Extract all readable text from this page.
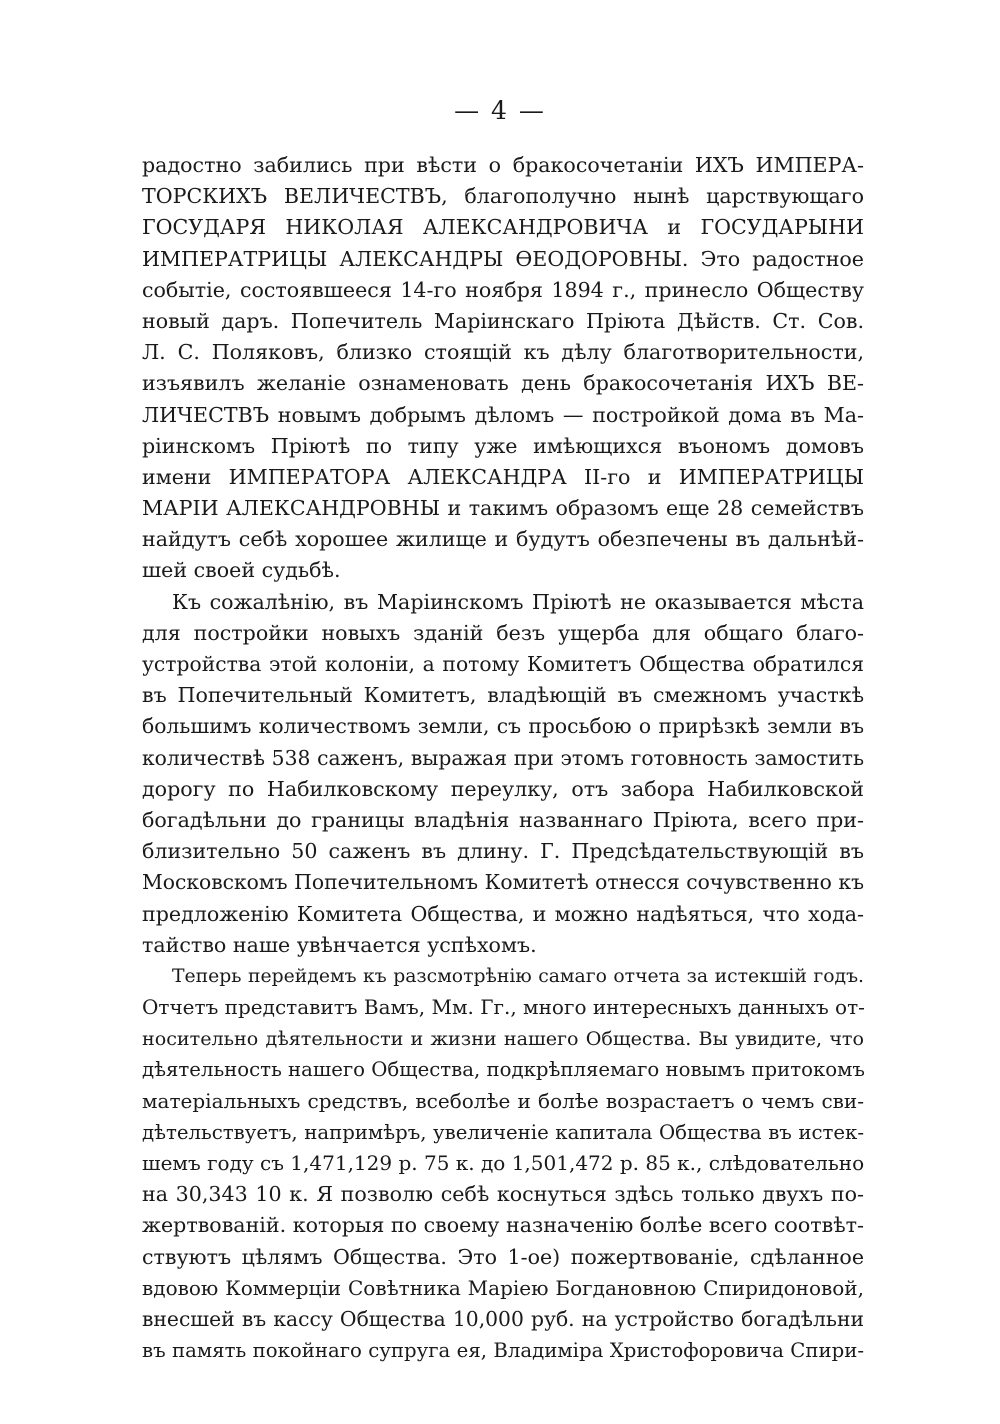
— 4 —
радостно забились при вѣсти о бракосочетаніи ИХЪ ИМПЕРА-
ТОРСКИХЪ ВЕЛИЧЕСТВЪ, благополучно нынѣ царствующаго
ГОСУДАРЯ НИКОЛАЯ АЛЕКСАНДРОВИЧА и ГОСУДАРЫНИ
ИМПЕРАТРИЦЫ АЛЕКСАНДРЫ ѲЕОДОРОВНЫ. Это радостное
событіе, состоявшееся 14-го ноября 1894 г., принесло Обществу
новый даръ. Попечитель Маріинскаго Пріюта Дѣйств. Ст. Сов.
Л. С. Поляковъ, близко стоящій къ дѣлу благотворительности,
изъявилъ желаніе ознаменовать день бракосочетанія ИХЪ ВЕ-
ЛИЧЕСТВЪ новымъ добрымъ дѣломъ — постройкой дома въ Ма-
ріинскомъ Пріютѣ по типу уже имѣющихся въономъ домовъ
имени ИМПЕРАТОРА АЛЕКСАНДРА II-го и ИМПЕРАТРИЦЫ
МАРІИ АЛЕКСАНДРОВНЫ и такимъ образомъ еще 28 семействъ
найдутъ себѣ хорошее жилище и будутъ обезпечены въ дальнѣй-
шей своей судьбѣ.
Къ сожалѣнію, въ Маріинскомъ Пріютѣ не оказывается мѣста
для постройки новыхъ зданій безъ ущерба для общаго благо-
устройства этой колоніи, а потому Комитетъ Общества обратился
въ Попечительный Комитетъ, владѣющій въ смежномъ участкѣ
большимъ количествомъ земли, съ просьбою о прирѣзкѣ земли въ
количествѣ 538 саженъ, выражая при этомъ готовность замостить
дорогу по Набилковскому переулку, отъ забора Набилковской
богадѣльни до границы владѣнія названнаго Пріюта, всего при-
близительно 50 саженъ въ длину. Г. Предсѣдательствующій въ
Московскомъ Попечительномъ Комитетѣ отнесся сочувственно къ
предложенію Комитета Общества, и можно надѣяться, что хода-
тайство наше увѣнчается успѣхомъ.
Теперь перейдемъ къ разсмотрѣнію самаго отчета за истекшій годъ.
Отчетъ представитъ Вамъ, Мм. Гг., много интересныхъ данныхъ от-
носительно дѣятельности и жизни нашего Общества. Вы увидите, что
дѣятельность нашего Общества, подкрѣпляемаго новымъ притокомъ
матеріальныхъ средствъ, всеболѣе и болѣе возрастаетъ о чемъ сви-
дѣтельствуетъ, напримѣръ, увеличеніе капитала Общества въ истек-
шемъ году съ 1,471,129 р. 75 к. до 1,501,472 р. 85 к., слѣдовательно
на 30,343 10 к. Я позволю себѣ коснуться здѣсь только двухъ по-
жертвованій. которыя по своему назначенію болѣе всего соотвѣт-
ствуютъ цѣлямъ Общества. Это 1-ое) пожертвованіе, сдѣланное
вдовою Коммерціи Совѣтника Маріею Богдановною Спиридоновой,
внесшей въ кассу Общества 10,000 руб. на устройство богадѣльни
въ память покойнаго супруга ея, Владиміра Христофоровича Спири-
